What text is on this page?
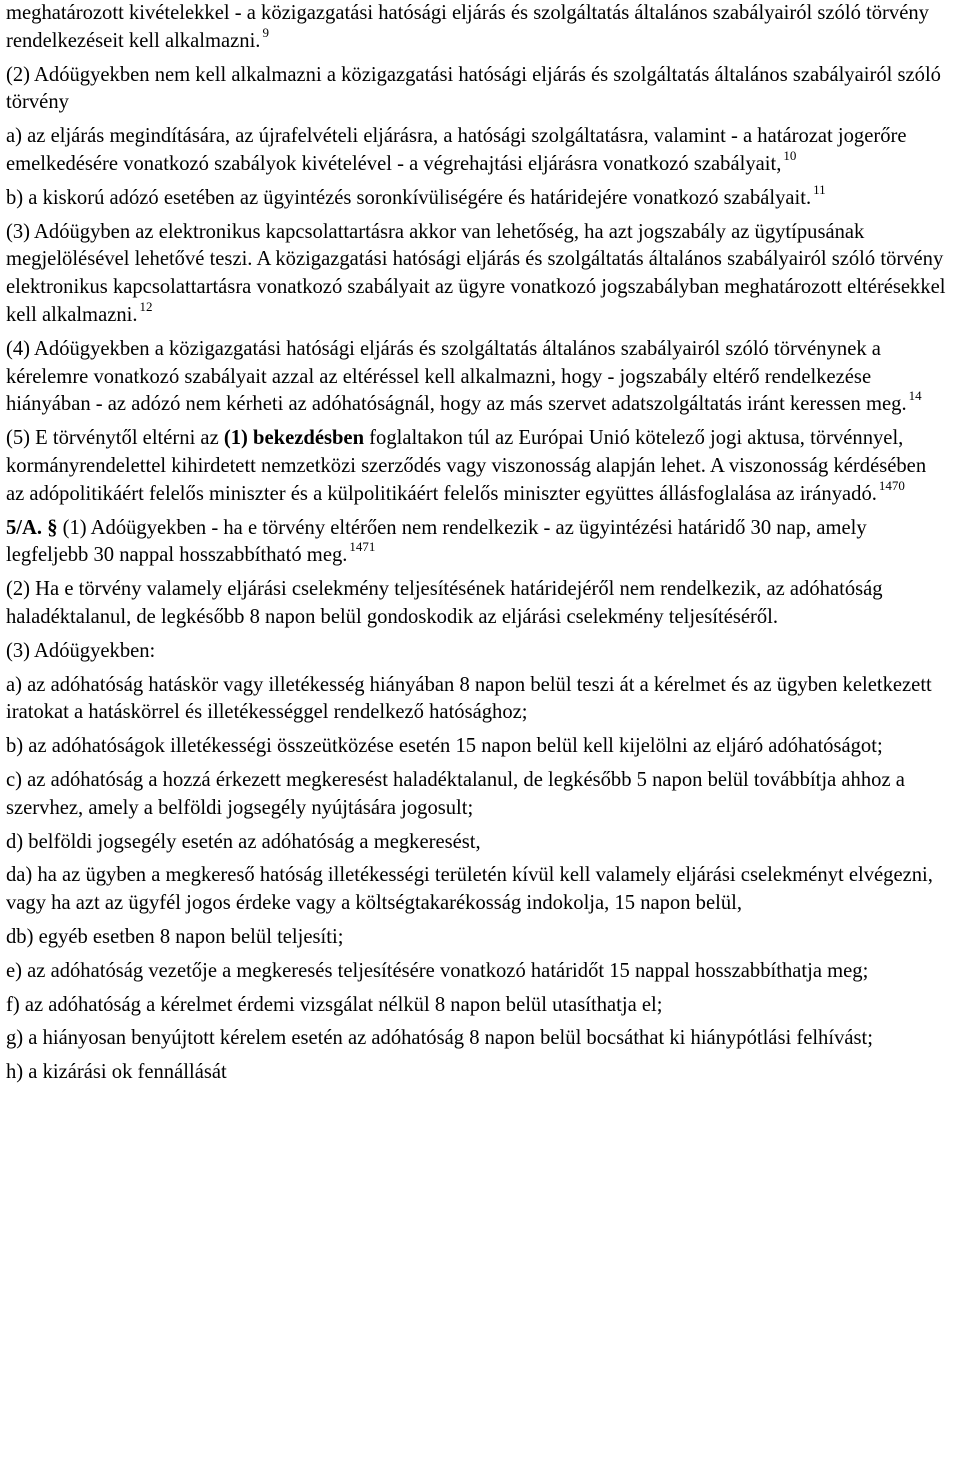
meghatározott kivételekkel - a közigazgatási hatósági eljárás és szolgáltatás általános szabályairól szóló törvény rendelkezéseit kell alkalmazni. $^9$

(2) Adóügyekben nem kell alkalmazni a közigazgatási hatósági eljárás és szolgáltatás általános szabályairól szóló törvény

a) az eljárás megindítására, az újrafelvételi eljárásra, a hatósági szolgáltatásra, valamint - a határozat jogerőre emelkedésére vonatkozó szabályok kivételével - a végrehajtási eljárásra vonatkozó szabályait, $^{10}$

b) a kiskorú adózó esetében az ügyintézés soronkívüliségére és határidejére vonatkozó szabályait. $^{11}$

(3) Adóügyben az elektronikus kapcsolattartásra akkor van lehetőség, ha azt jogszabály az ügytípusának megjelölésével lehetővé teszi. A közigazgatási hatósági eljárás és szolgáltatás általános szabályairól szóló törvény elektronikus kapcsolattartásra vonatkozó szabályait az ügyre vonatkozó jogszabályban meghatározott eltérésekkel kell alkalmazni. $^{12}$

(4) Adóügyekben a közigazgatási hatósági eljárás és szolgáltatás általános szabályairól szóló törvénynek a kérelemre vonatkozó szabályait azzal az eltéréssel kell alkalmazni, hogy - jogszabály eltérő rendelkezése hiányában - az adózó nem kérheti az adóhatóságnál, hogy az más szervet adatszolgáltatás iránt keressen meg. $^{14}$

(5) E törvénytől eltérni az (1) bekezdésben foglaltakon túl az Európai Unió kötelező jogi aktusa, törvénnyel, kormányrendelettel kihirdetett nemzetközi szerződés vagy viszonosság alapján lehet. A viszonosság kérdésében az adópolitikáért felelős miniszter és a külpolitikáért felelős miniszter együttes állásfoglalása az irányadó. $^{1470}$

5/A. § (1) Adóügyekben - ha e törvény eltérően nem rendelkezik - az ügyintézési határidő 30 nap, amely legfeljebb 30 nappal hosszabbítható meg. $^{1471}$

(2) Ha e törvény valamely eljárási cselekmény teljesítésének határidejéről nem rendelkezik, az adóhatóság haladéktalanul, de legkésőbb 8 napon belül gondoskodik az eljárási cselekmény teljesítéséről.

(3) Adóügyekben:

a) az adóhatóság hatáskör vagy illetékesség hiányában 8 napon belül teszi át a kérelmet és az ügyben keletkezett iratokat a hatáskörrel és illetékességgel rendelkező hatósághoz;

b) az adóhatóságok illetékességi összeütközése esetén 15 napon belül kell kijelölni az eljáró adóhatóságot;

c) az adóhatóság a hozzá érkezett megkeresést haladéktalanul, de legkésőbb 5 napon belül továbbítja ahhoz a szervhez, amely a belföldi jogsegély nyújtására jogosult;

d) belföldi jogsegély esetén az adóhatóság a megkeresést,

da) ha az ügyben a megkereső hatóság illetékességi területén kívül kell valamely eljárási cselekményt elvégezni, vagy ha azt az ügyfél jogos érdeke vagy a költségtakarékosság indokolja, 15 napon belül,

db) egyéb esetben 8 napon belül teljesíti;

e) az adóhatóság vezetője a megkeresés teljesítésére vonatkozó határidőt 15 nappal hosszabbíthatja meg;

f) az adóhatóság a kérelmet érdemi vizsgálat nélkül 8 napon belül utasíthatja el;

g) a hiányosan benyújtott kérelem esetén az adóhatóság 8 napon belül bocsáthat ki hiánypótlási felhívást;

h) a kizárási ok fennállását
